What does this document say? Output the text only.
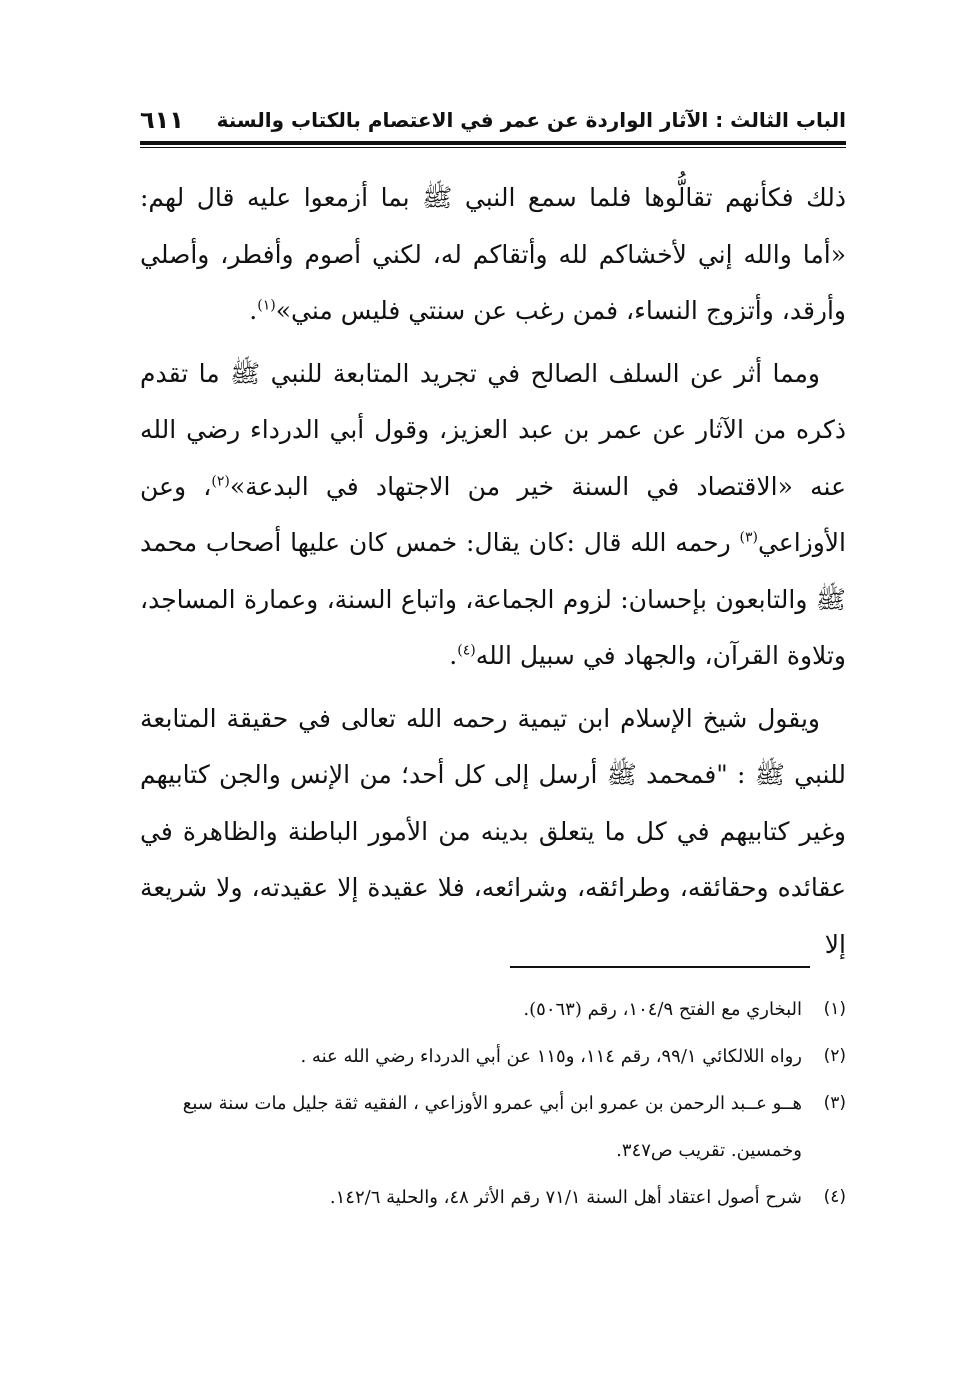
الباب الثالث : الآثار الواردة عن عمر في الاعتصام بالكتاب والسنة
٦١١

ذلك فكأنهم تقالُّوها فلما سمع النبي ﷺ بما أزمعوا عليه قال لهم: «أما والله إني لأخشاكم لله وأتقاكم له، لكني أصوم وأفطر، وأصلي وأرقد، وأتزوج النساء، فمن رغب عن سنتي فليس مني»$^{(١)}$.

ومما أثر عن السلف الصالح في تجريد المتابعة للنبي ﷺ ما تقدم ذكره من الآثار عن عمر بن عبد العزيز، وقول أبي الدرداء رضي الله عنه «الاقتصاد في السنة خير من الاجتهاد في البدعة»$^{(٢)}$، وعن الأوزاعي$^{(٣)}$ رحمه الله قال :كان يقال: خمس كان عليها أصحاب محمد ﷺ والتابعون بإحسان: لزوم الجماعة، واتباع السنة، وعمارة المساجد، وتلاوة القرآن، والجهاد في سبيل الله$^{(٤)}$.

ويقول شيخ الإسلام ابن تيمية رحمه الله تعالى في حقيقة المتابعة للنبي ﷺ : "فمحمد ﷺ أرسل إلى كل أحد؛ من الإنس والجن كتابيهم وغير كتابيهم في كل ما يتعلق بدينه من الأمور الباطنة والظاهرة في عقائده وحقائقه، وطرائقه، وشرائعه، فلا عقيدة إلا عقيدته، ولا شريعة إلا

(١)
البخاري مع الفتح ١٠٤/٩، رقم (٥٠٦٣).
(٢)
رواه اللالكائي ٩٩/١، رقم ١١٤، و١١٥ عن أبي الدرداء رضي الله عنه .
(٣)
هــو عــبد الرحمن بن عمرو ابن أبي عمرو الأوزاعي ، الفقيه ثقة جليل مات سنة سبع وخمسين. تقريب ص٣٤٧.
(٤)
شرح أصول اعتقاد أهل السنة ٧١/١ رقم الأثر ٤٨، والحلية ١٤٢/٦.
